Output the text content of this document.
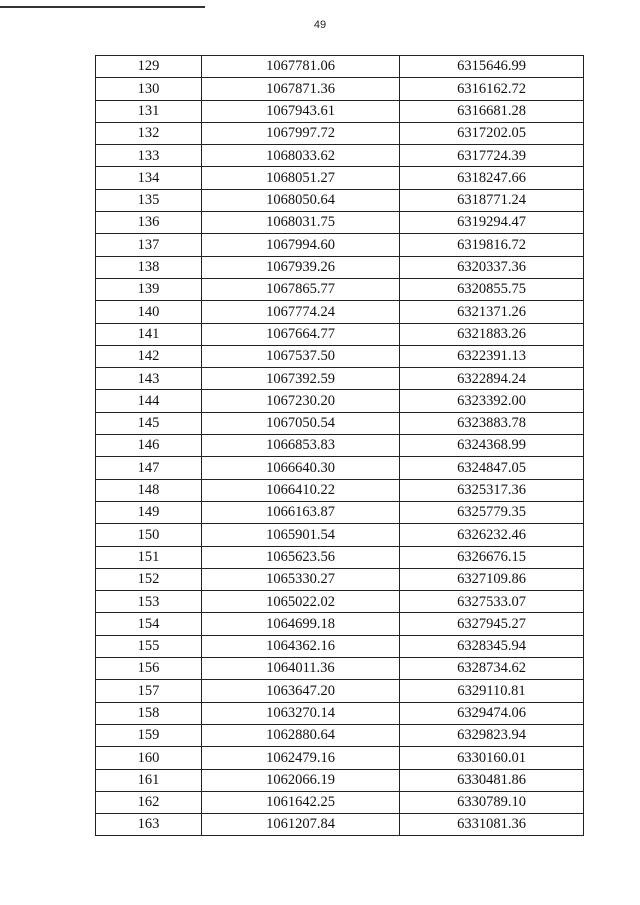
49
129	1067781.06	6315646.99
130	1067871.36	6316162.72
131	1067943.61	6316681.28
132	1067997.72	6317202.05
133	1068033.62	6317724.39
134	1068051.27	6318247.66
135	1068050.64	6318771.24
136	1068031.75	6319294.47
137	1067994.60	6319816.72
138	1067939.26	6320337.36
139	1067865.77	6320855.75
140	1067774.24	6321371.26
141	1067664.77	6321883.26
142	1067537.50	6322391.13
143	1067392.59	6322894.24
144	1067230.20	6323392.00
145	1067050.54	6323883.78
146	1066853.83	6324368.99
147	1066640.30	6324847.05
148	1066410.22	6325317.36
149	1066163.87	6325779.35
150	1065901.54	6326232.46
151	1065623.56	6326676.15
152	1065330.27	6327109.86
153	1065022.02	6327533.07
154	1064699.18	6327945.27
155	1064362.16	6328345.94
156	1064011.36	6328734.62
157	1063647.20	6329110.81
158	1063270.14	6329474.06
159	1062880.64	6329823.94
160	1062479.16	6330160.01
161	1062066.19	6330481.86
162	1061642.25	6330789.10
163	1061207.84	6331081.36
